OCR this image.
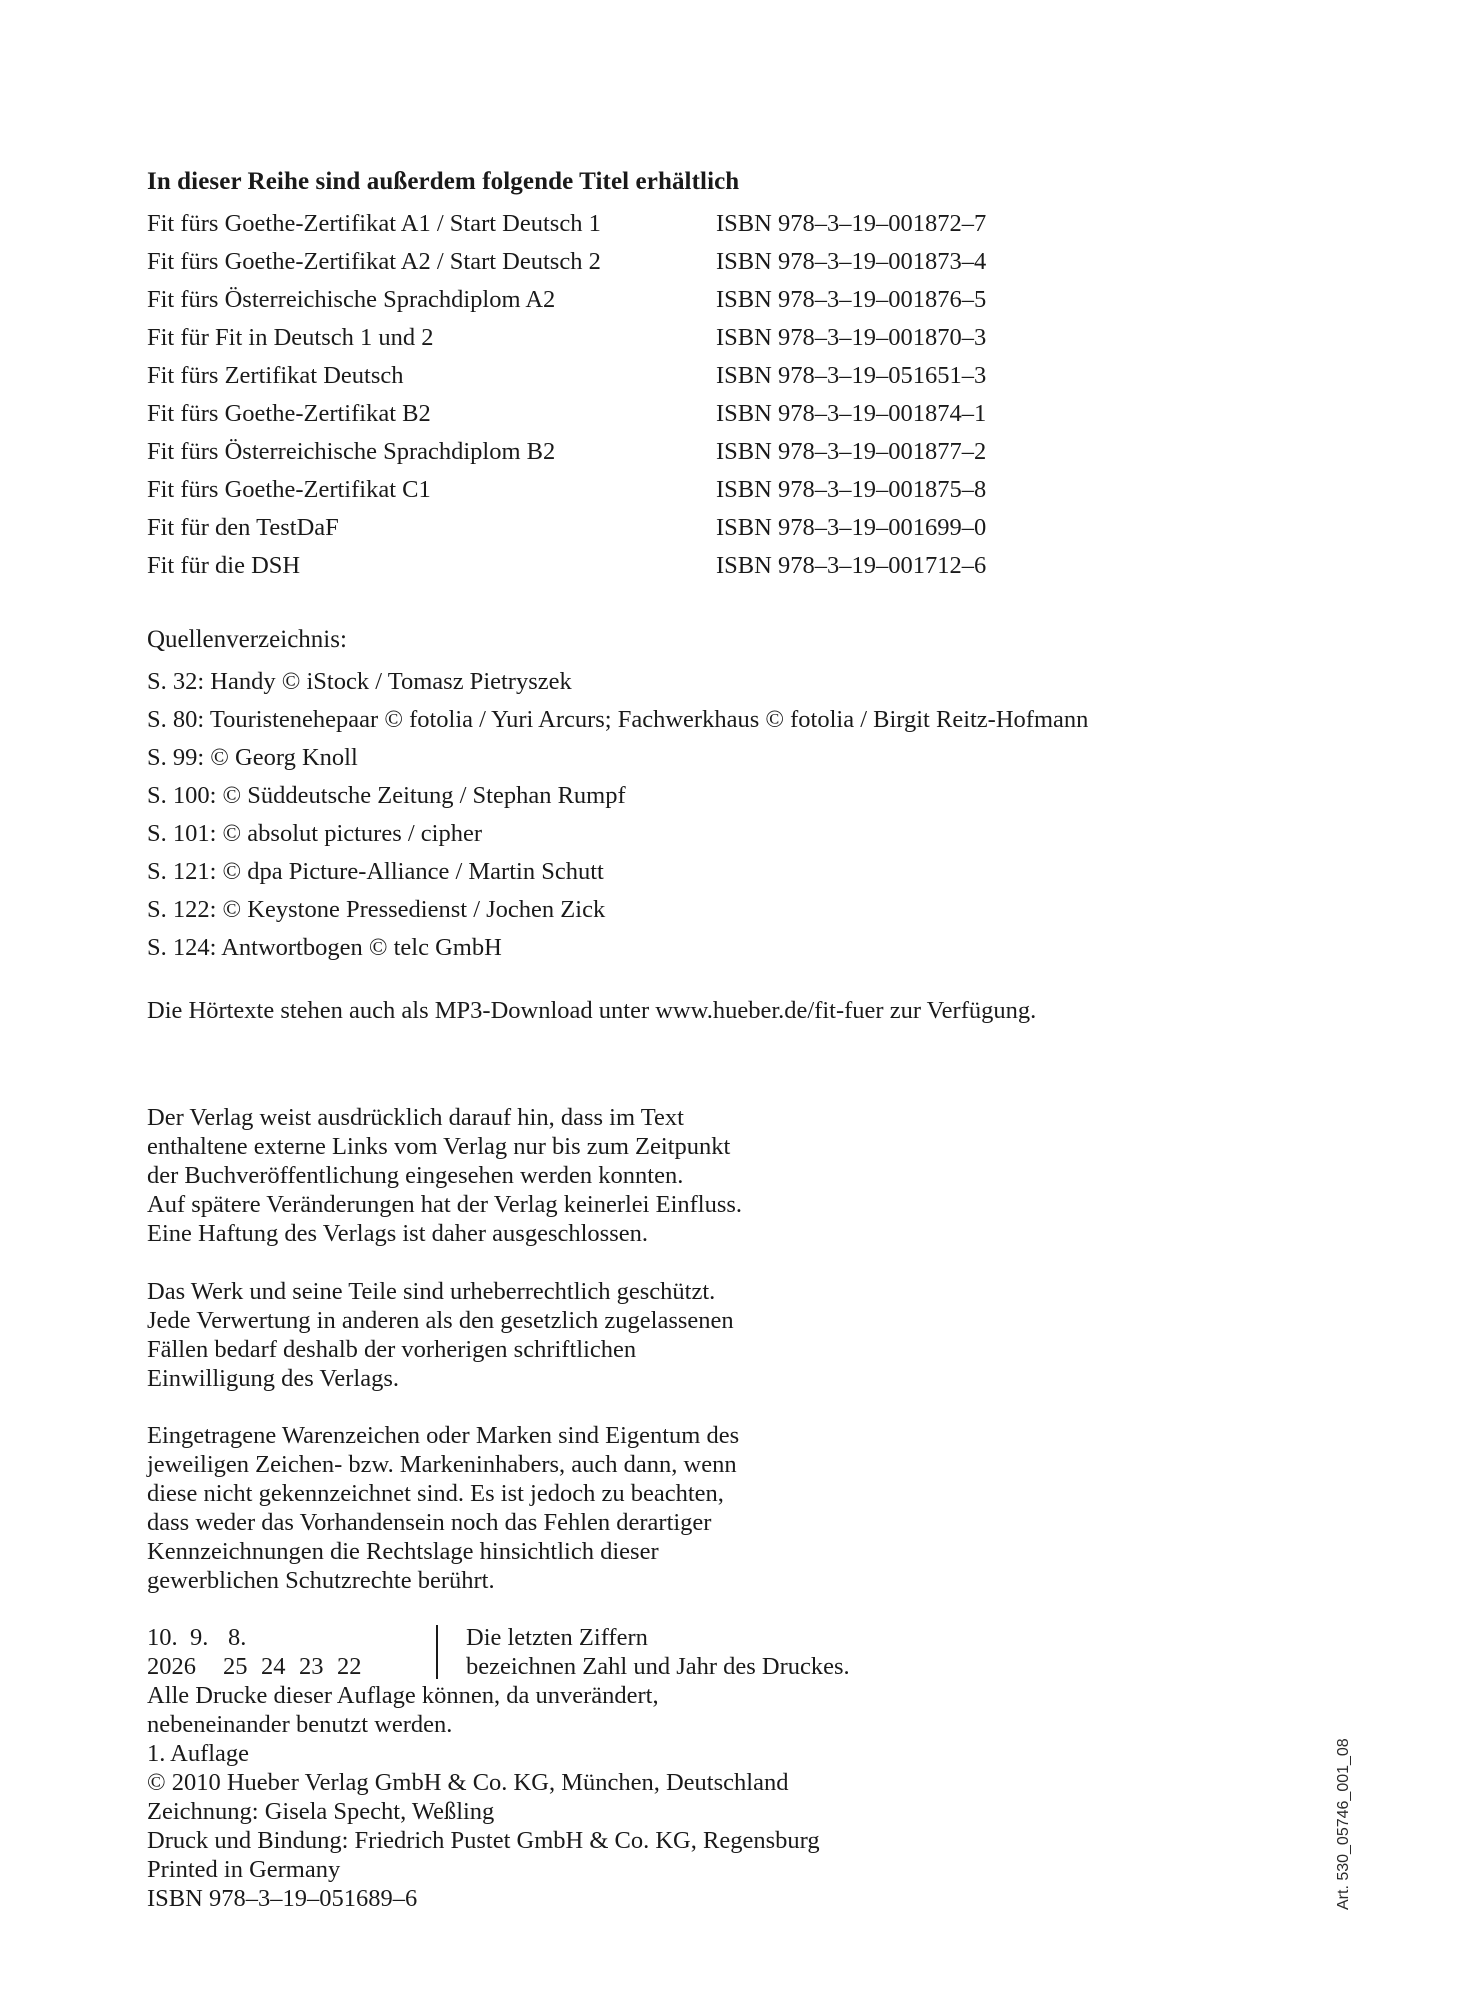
In dieser Reihe sind außerdem folgende Titel erhältlich
Fit fürs Goethe-Zertifikat A1 / Start Deutsch 1	ISBN 978–3–19–001872–7
Fit fürs Goethe-Zertifikat A2 / Start Deutsch 2	ISBN 978–3–19–001873–4
Fit fürs Österreichische Sprachdiplom A2	ISBN 978–3–19–001876–5
Fit für Fit in Deutsch 1 und 2	ISBN 978–3–19–001870–3
Fit fürs Zertifikat Deutsch	ISBN 978–3–19–051651–3
Fit fürs Goethe-Zertifikat B2	ISBN 978–3–19–001874–1
Fit fürs Österreichische Sprachdiplom B2	ISBN 978–3–19–001877–2
Fit fürs Goethe-Zertifikat C1	ISBN 978–3–19–001875–8
Fit für den TestDaF	ISBN 978–3–19–001699–0
Fit für die DSH	ISBN 978–3–19–001712–6
Quellenverzeichnis:
S. 32: Handy © iStock / Tomasz Pietryszek
S. 80: Touristenehepaar © fotolia / Yuri Arcurs; Fachwerkhaus © fotolia / Birgit Reitz-Hofmann
S. 99: © Georg Knoll
S. 100: © Süddeutsche Zeitung / Stephan Rumpf
S. 101: © absolut pictures / cipher
S. 121: © dpa Picture-Alliance / Martin Schutt
S. 122: © Keystone Pressedienst / Jochen Zick
S. 124: Antwortbogen © telc GmbH
Die Hörtexte stehen auch als MP3-Download unter www.hueber.de/fit-fuer zur Verfügung.
Der Verlag weist ausdrücklich darauf hin, dass im Text
enthaltene externe Links vom Verlag nur bis zum Zeitpunkt
der Buchveröffentlichung eingesehen werden konnten.
Auf spätere Veränderungen hat der Verlag keinerlei Einfluss.
Eine Haftung des Verlags ist daher ausgeschlossen.
Das Werk und seine Teile sind urheberrechtlich geschützt.
Jede Verwertung in anderen als den gesetzlich zugelassenen
Fällen bedarf deshalb der vorherigen schriftlichen
Einwilligung des Verlags.
Eingetragene Warenzeichen oder Marken sind Eigentum des
jeweiligen Zeichen- bzw. Markeninhabers, auch dann, wenn
diese nicht gekennzeichnet sind. Es ist jedoch zu beachten,
dass weder das Vorhandensein noch das Fehlen derartiger
Kennzeichnungen die Rechtslage hinsichtlich dieser
gewerblichen Schutzrechte berührt.
10. 9. 8.
2026	25 24 23 22
Die letzten Ziffern
bezeichnen Zahl und Jahr des Druckes.
Alle Drucke dieser Auflage können, da unverändert,
nebeneinander benutzt werden.
1. Auflage
© 2010 Hueber Verlag GmbH & Co. KG, München, Deutschland
Zeichnung: Gisela Specht, Weßling
Druck und Bindung: Friedrich Pustet GmbH & Co. KG, Regensburg
Printed in Germany
ISBN 978–3–19–051689–6	Art. 530_05746_001_08
